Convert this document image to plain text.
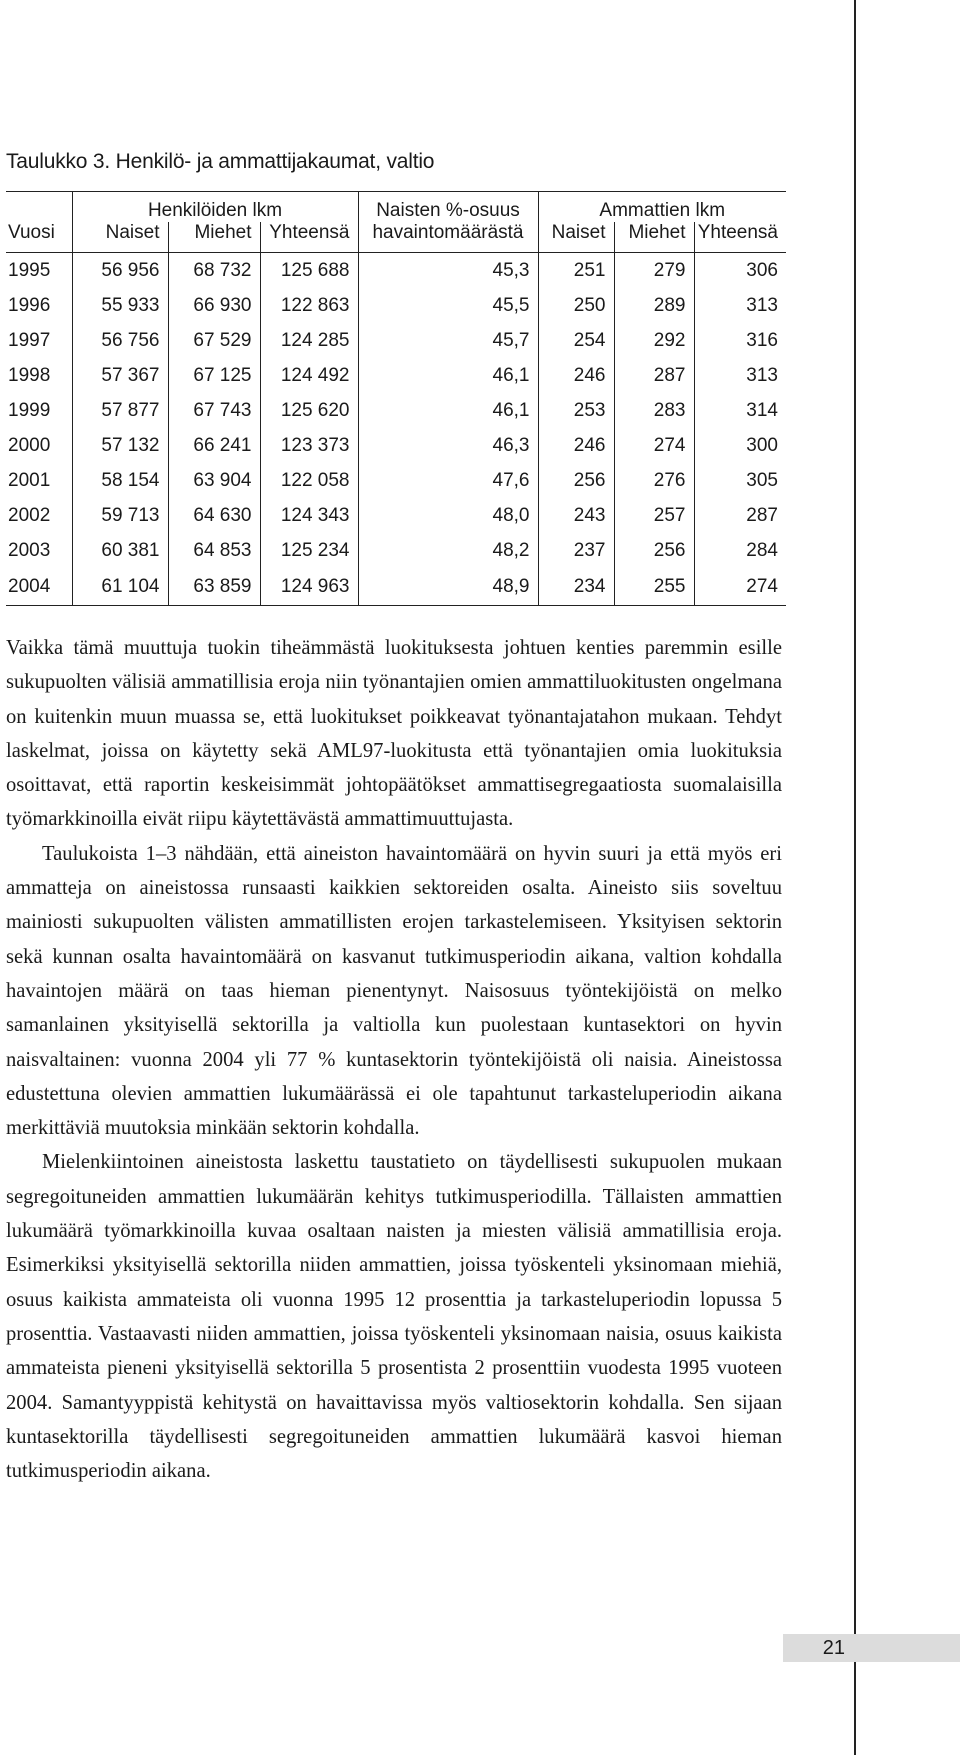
Taulukko 3. Henkilö- ja ammattijakaumat, valtio
	Henkilöiden lkm			Naisten %-osuus	Ammattien lkm		
Vuosi	Naiset	Miehet	Yhteensä	havaintomäärästä	Naiset	Miehet	Yhteensä
1995	56 956	68 732	125 688	45,3	251	279	306
1996	55 933	66 930	122 863	45,5	250	289	313
1997	56 756	67 529	124 285	45,7	254	292	316
1998	57 367	67 125	124 492	46,1	246	287	313
1999	57 877	67 743	125 620	46,1	253	283	314
2000	57 132	66 241	123 373	46,3	246	274	300
2001	58 154	63 904	122 058	47,6	256	276	305
2002	59 713	64 630	124 343	48,0	243	257	287
2003	60 381	64 853	125 234	48,2	237	256	284
2004	61 104	63 859	124 963	48,9	234	255	274

Vaikka tämä muuttuja tuokin tiheämmästä luokituksesta johtuen kenties paremmin esille sukupuolten välisiä ammatillisia eroja niin työnantajien omien ammattiluokitusten ongelmana on kuitenkin muun muassa se, että luokitukset poikkeavat työnantajatahon mukaan. Tehdyt laskelmat, joissa on käytetty sekä AML97-luokitusta että työnantajien omia luokituksia osoittavat, että raportin keskeisimmät johtopäätökset ammattisegregaatiosta suomalaisilla työmarkkinoilla eivät riipu käytettävästä ammattimuuttujasta.

Taulukoista 1–3 nähdään, että aineiston havaintomäärä on hyvin suuri ja että myös eri ammatteja on aineistossa runsaasti kaikkien sektoreiden osalta. Aineisto siis soveltuu mainiosti sukupuolten välisten ammatillisten erojen tarkastelemiseen. Yksityisen sektorin sekä kunnan osalta havaintomäärä on kasvanut tutkimusperiodin aikana, valtion kohdalla havaintojen määrä on taas hieman pienentynyt. Naisosuus työntekijöistä on melko samanlainen yksityisellä sektorilla ja valtiolla kun puolestaan kuntasektori on hyvin naisvaltainen: vuonna 2004 yli 77 % kuntasektorin työntekijöistä oli naisia. Aineistossa edustettuna olevien ammattien lukumäärässä ei ole tapahtunut tarkasteluperiodin aikana merkittäviä muutoksia minkään sektorin kohdalla.

Mielenkiintoinen aineistosta laskettu taustatieto on täydellisesti sukupuolen mukaan segregoituneiden ammattien lukumäärän kehitys tutkimusperiodilla. Tällaisten ammattien lukumäärä työmarkkinoilla kuvaa osaltaan naisten ja miesten välisiä ammatillisia eroja. Esimerkiksi yksityisellä sektorilla niiden ammattien, joissa työskenteli yksinomaan miehiä, osuus kaikista ammateista oli vuonna 1995 12 prosenttia ja tarkasteluperiodin lopussa 5 prosenttia. Vastaavasti niiden ammattien, joissa työskenteli yksinomaan naisia, osuus kaikista ammateista pieneni yksityisellä sektorilla 5 prosentista 2 prosenttiin vuodesta 1995 vuoteen 2004. Samantyyppistä kehitystä on havaittavissa myös valtiosektorin kohdalla. Sen sijaan kuntasektorilla täydellisesti segregoituneiden ammattien lukumäärä kasvoi hieman tutkimusperiodin aikana.

21
